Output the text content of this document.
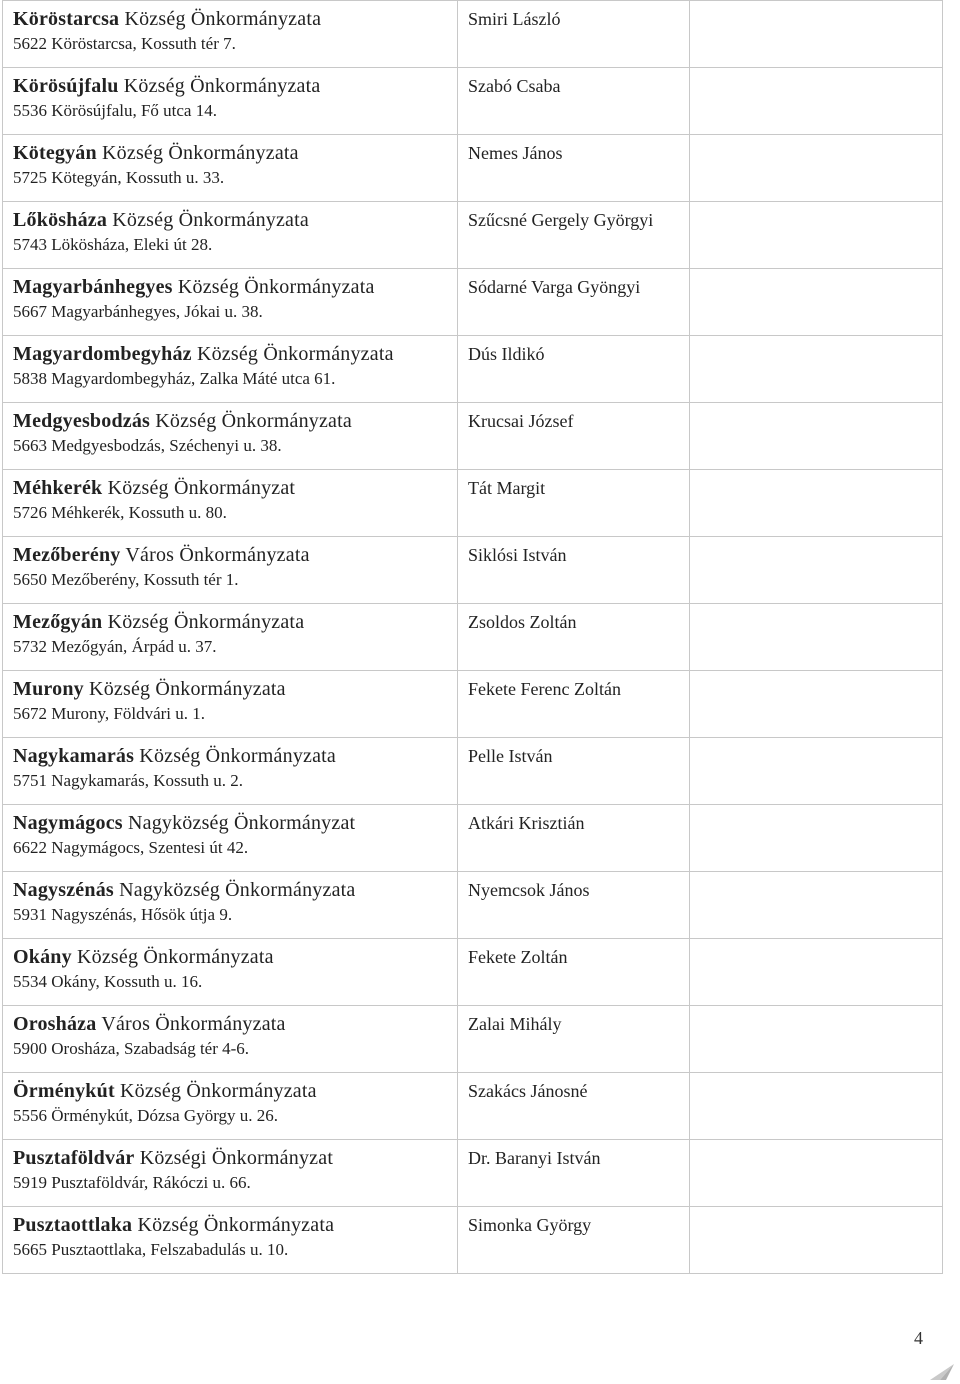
Köröstarcsa Község Önkormányzata
5622 Köröstarcsa, Kossuth tér 7.	Smiri László	

Körösújfalu Község Önkormányzata
5536 Körösújfalu, Fő utca 14.	Szabó Csaba	

Kötegyán Község Önkormányzata
5725 Kötegyán, Kossuth u. 33.	Nemes János	

Lőkösháza Község Önkormányzata
5743 Lökösháza, Eleki út 28.	Szűcsné Gergely Györgyi	

Magyarbánhegyes Község Önkormányzata
5667 Magyarbánhegyes, Jókai u. 38.	Sódarné Varga Gyöngyi	

Magyardombegyház Község Önkormányzata
5838 Magyardombegyház, Zalka Máté utca 61.	Dús Ildikó	

Medgyesbodzás Község Önkormányzata
5663 Medgyesbodzás, Széchenyi u. 38.	Krucsai József	

Méhkerék Község Önkormányzat
5726 Méhkerék, Kossuth u. 80.	Tát Margit	

Mezőberény Város Önkormányzata
5650 Mezőberény, Kossuth tér 1.	Siklósi István	

Mezőgyán Község Önkormányzata
5732 Mezőgyán, Árpád u. 37.	Zsoldos Zoltán	

Murony Község Önkormányzata
5672 Murony, Földvári u. 1.	Fekete Ferenc Zoltán	

Nagykamarás Község Önkormányzata
5751 Nagykamarás, Kossuth u. 2.	Pelle István	

Nagymágocs Nagyközség Önkormányzat
6622 Nagymágocs, Szentesi út 42.	Atkári Krisztián	

Nagyszénás Nagyközség Önkormányzata
5931 Nagyszénás, Hősök útja 9.	Nyemcsok János	

Okány Község Önkormányzata
5534 Okány, Kossuth u. 16.	Fekete Zoltán	

Orosháza Város Önkormányzata
5900 Orosháza, Szabadság tér 4-6.	Zalai Mihály	

Örménykút Község Önkormányzata
5556 Örménykút, Dózsa György u. 26.	Szakács Jánosné	

Pusztaföldvár Községi Önkormányzat
5919 Pusztaföldvár, Rákóczi u. 66.	Dr. Baranyi István	

Pusztaottlaka Község Önkormányzata
5665 Pusztaottlaka, Felszabadulás u. 10.	Simonka György	

4
